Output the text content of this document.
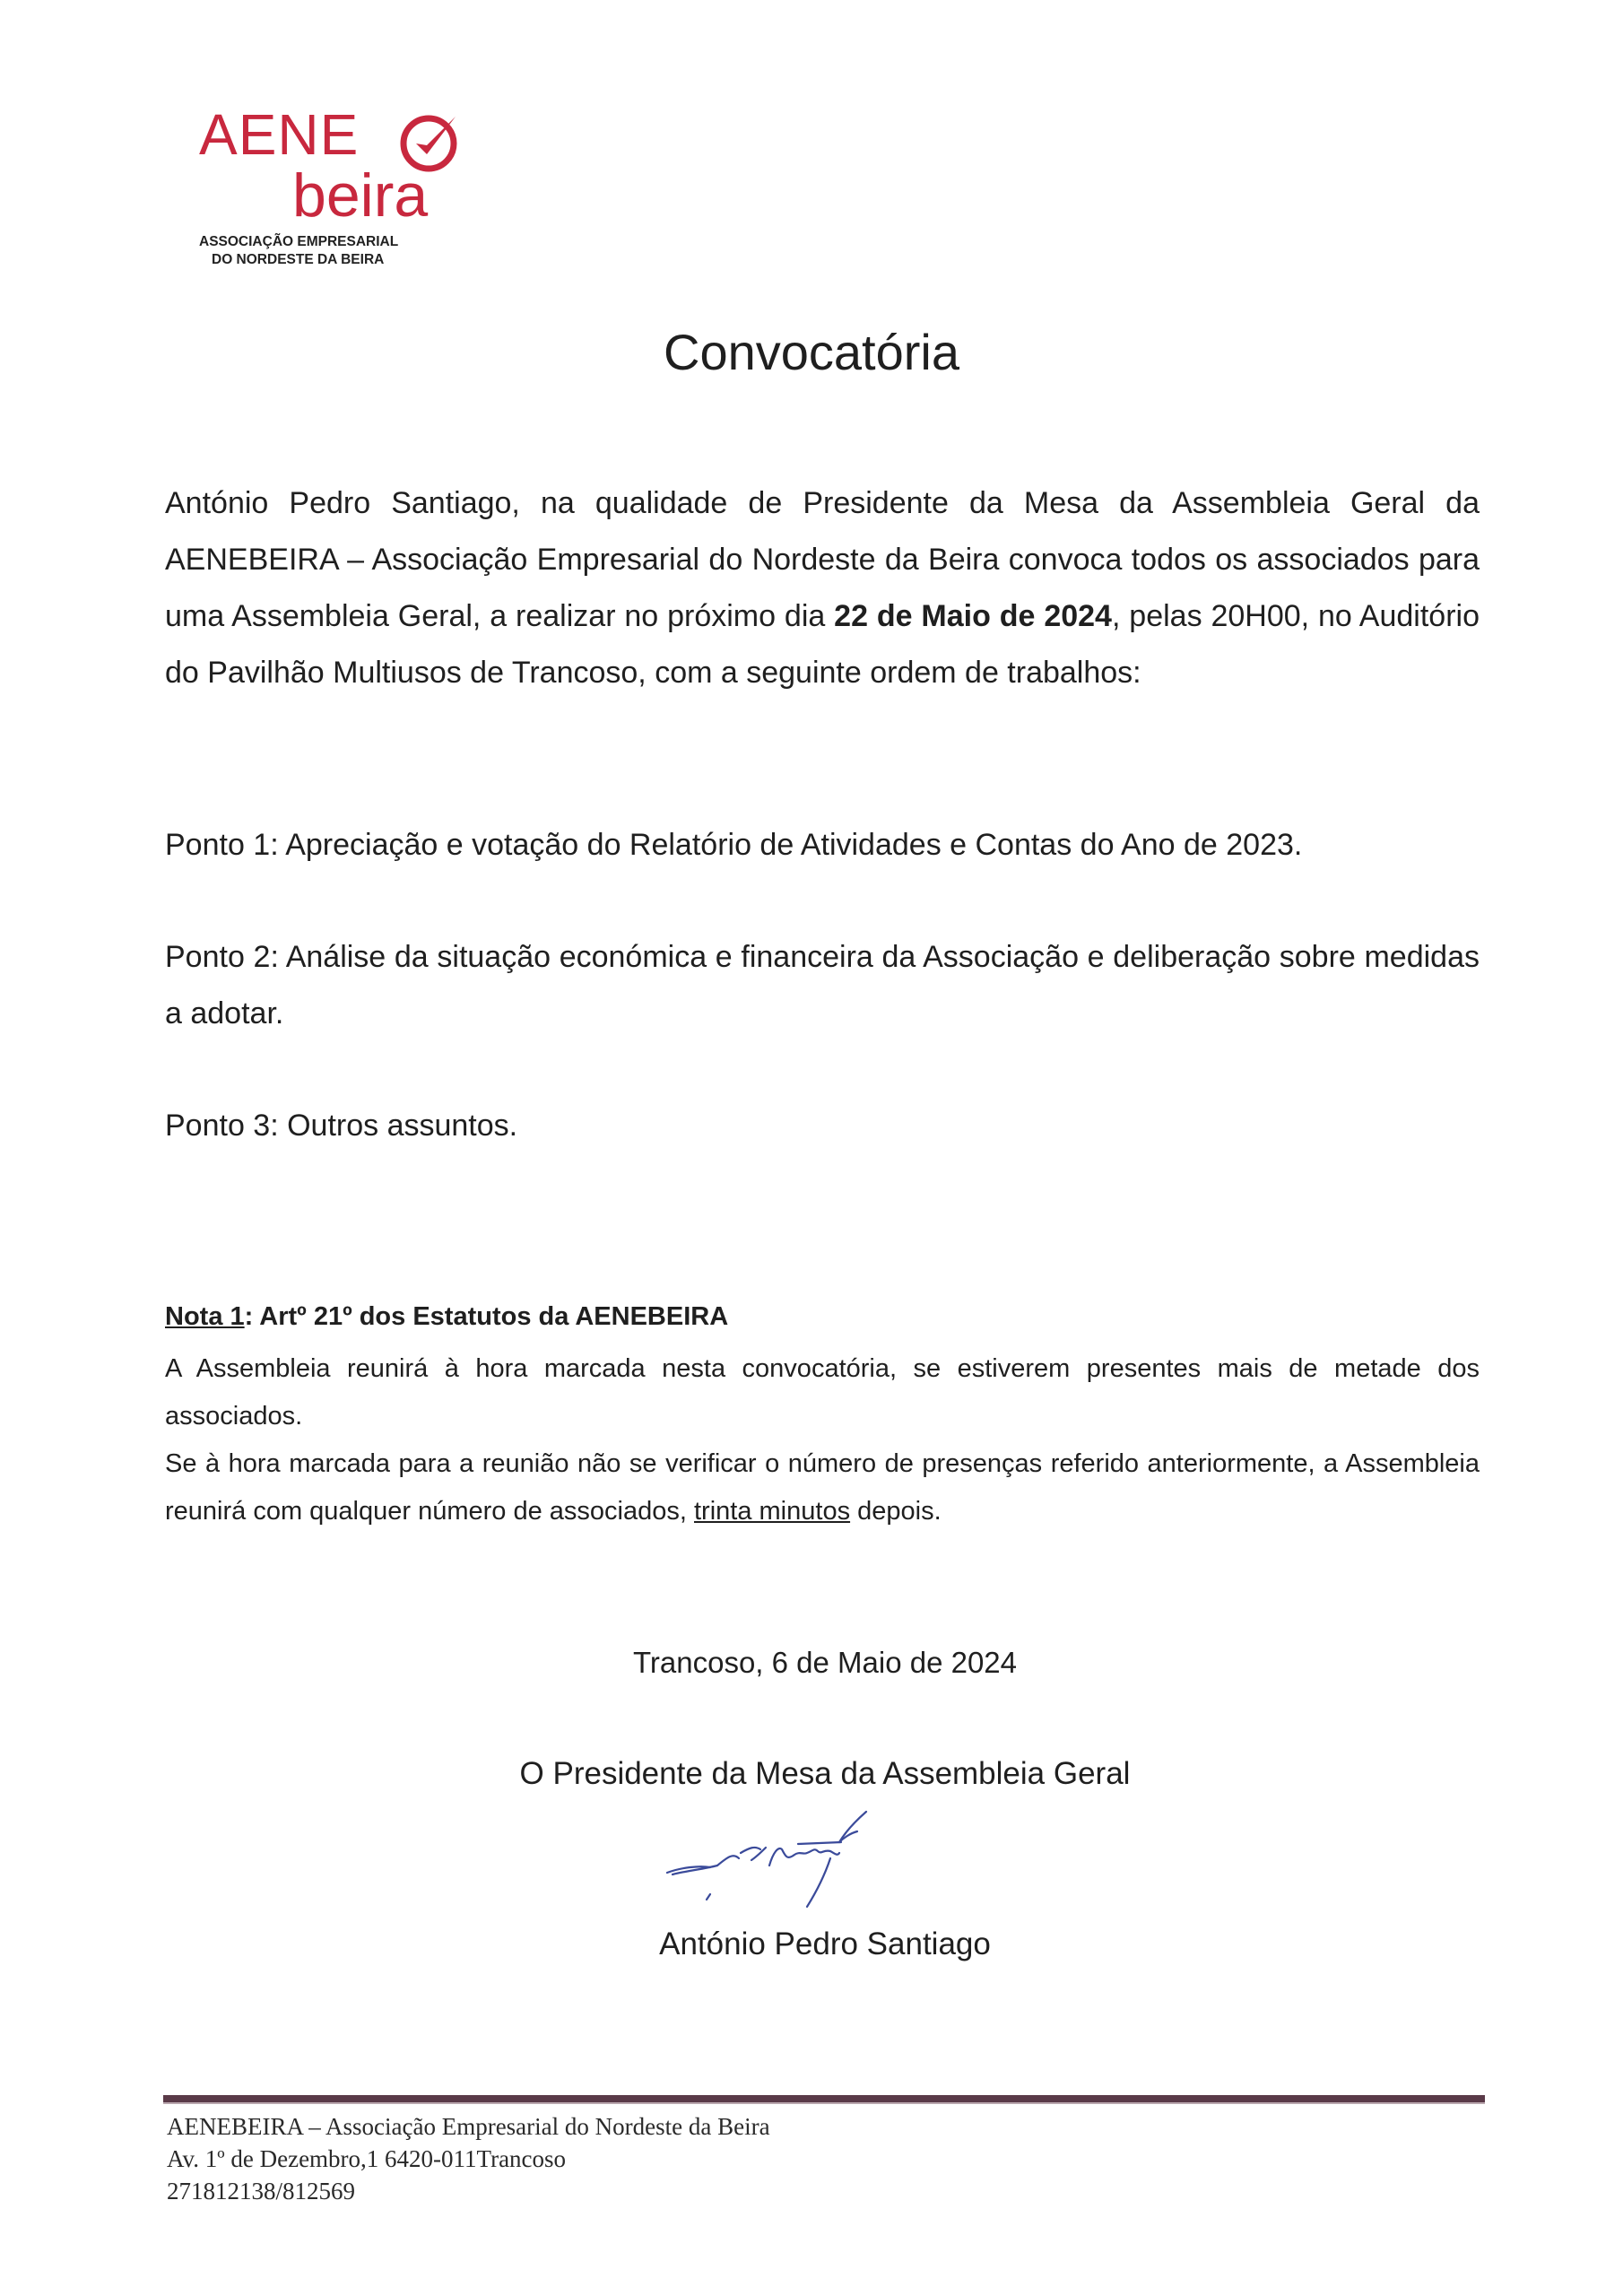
AENE
beira
ASSOCIAÇÃO EMPRESARIAL
DO NORDESTE DA BEIRA
Convocatória
António Pedro Santiago, na qualidade de Presidente da Mesa da Assembleia Geral da AENEBEIRA – Associação Empresarial do Nordeste da Beira convoca todos os associados para uma Assembleia Geral, a realizar no próximo dia 22 de Maio de 2024, pelas 20H00, no Auditório do Pavilhão Multiusos de Trancoso, com a seguinte ordem de trabalhos:
Ponto 1: Apreciação e votação do Relatório de Atividades e Contas do Ano de 2023.
Ponto 2: Análise da situação económica e financeira da Associação e deliberação sobre medidas a adotar.
Ponto 3: Outros assuntos.
Nota 1: Artº 21º dos Estatutos da AENEBEIRA

A Assembleia reunirá à hora marcada nesta convocatória, se estiverem presentes mais de metade dos associados.

Se à hora marcada para a reunião não se verificar o número de presenças referido anteriormente, a Assembleia reunirá com qualquer número de associados, trinta minutos depois.

Trancoso, 6 de Maio de 2024
O Presidente da Mesa da Assembleia Geral
António Pedro Santiago
AENEBEIRA – Associação Empresarial do Nordeste da Beira
Av. 1º de Dezembro,1 6420-011Trancoso
271812138/812569
